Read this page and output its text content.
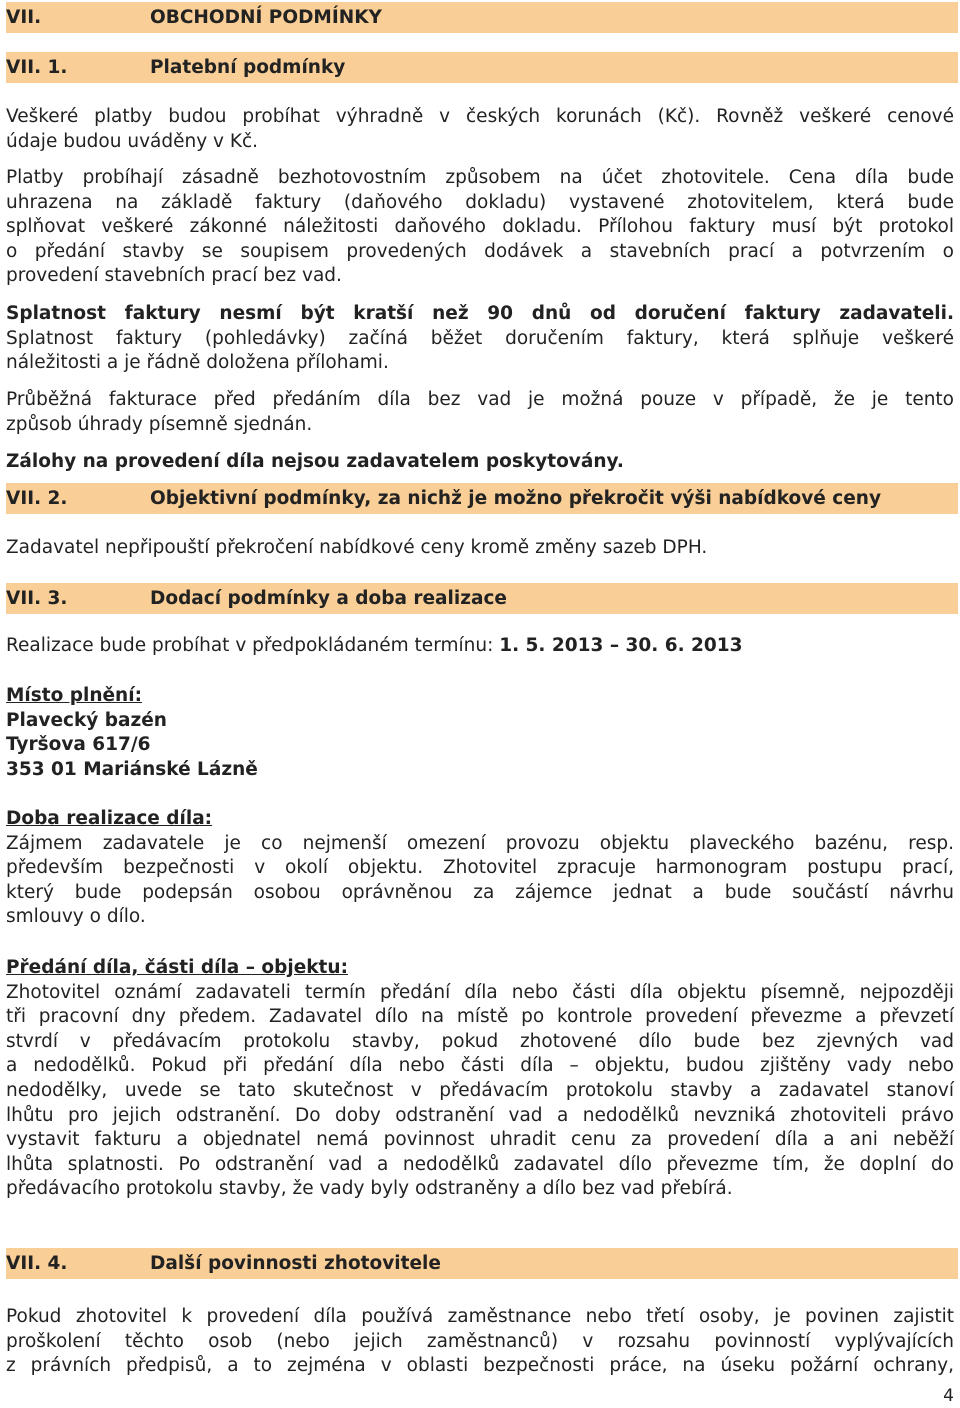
VII.	OBCHODNÍ PODMÍNKY
VII. 1.	Platební podmínky
Veškeré platby budou probíhat výhradně v českých korunách (Kč). Rovněž veškeré cenové
údaje budou uváděny v Kč.
Platby probíhají zásadně bezhotovostním způsobem na účet zhotovitele. Cena díla bude
uhrazena na základě faktury (daňového dokladu) vystavené zhotovitelem, která bude
splňovat veškeré zákonné náležitosti daňového dokladu. Přílohou faktury musí být protokol
o předání stavby se soupisem provedených dodávek a stavebních prací a potvrzením o
provedení stavebních prací bez vad.
Splatnost faktury nesmí být kratší než 90 dnů od doručení faktury zadavateli.
Splatnost faktury (pohledávky) začíná běžet doručením faktury, která splňuje veškeré
náležitosti a je řádně doložena přílohami.
Průběžná fakturace před předáním díla bez vad je možná pouze v případě, že je tento
způsob úhrady písemně sjednán.
Zálohy na provedení díla nejsou zadavatelem poskytovány.
VII. 2.	Objektivní podmínky, za nichž je možno překročit výši nabídkové ceny
Zadavatel nepřipouští překročení nabídkové ceny kromě změny sazeb DPH.
VII. 3.	Dodací podmínky a doba realizace
Realizace bude probíhat v předpokládaném termínu: 1. 5. 2013 – 30. 6. 2013
Místo plnění:
Plavecký bazén
Tyršova 617/6
353 01 Mariánské Lázně
Doba realizace díla:
Zájmem zadavatele je co nejmenší omezení provozu objektu plaveckého bazénu, resp.
především bezpečnosti v okolí objektu. Zhotovitel zpracuje harmonogram postupu prací,
který bude podepsán osobou oprávněnou za zájemce jednat a bude součástí návrhu
smlouvy o dílo.
Předání díla, části díla – objektu:
Zhotovitel oznámí zadavateli termín předání díla nebo části díla objektu písemně, nejpozději
tři pracovní dny předem. Zadavatel dílo na místě po kontrole provedení převezme a převzetí
stvrdí v předávacím protokolu stavby, pokud zhotovené dílo bude bez zjevných vad
a nedodělků. Pokud při předání díla nebo části díla – objektu, budou zjištěny vady nebo
nedodělky, uvede se tato skutečnost v předávacím protokolu stavby a zadavatel stanoví
lhůtu pro jejich odstranění. Do doby odstranění vad a nedodělků nevzniká zhotoviteli právo
vystavit fakturu a objednatel nemá povinnost uhradit cenu za provedení díla a ani neběží
lhůta splatnosti. Po odstranění vad a nedodělků zadavatel dílo převezme tím, že doplní do
předávacího protokolu stavby, že vady byly odstraněny a dílo bez vad přebírá.
VII. 4.	Další povinnosti zhotovitele
Pokud zhotovitel k provedení díla používá zaměstnance nebo třetí osoby, je povinen zajistit
proškolení těchto osob (nebo jejich zaměstnanců) v rozsahu povinností vyplývajících
z právních předpisů, a to zejména v oblasti bezpečnosti práce, na úseku požární ochrany,
4
